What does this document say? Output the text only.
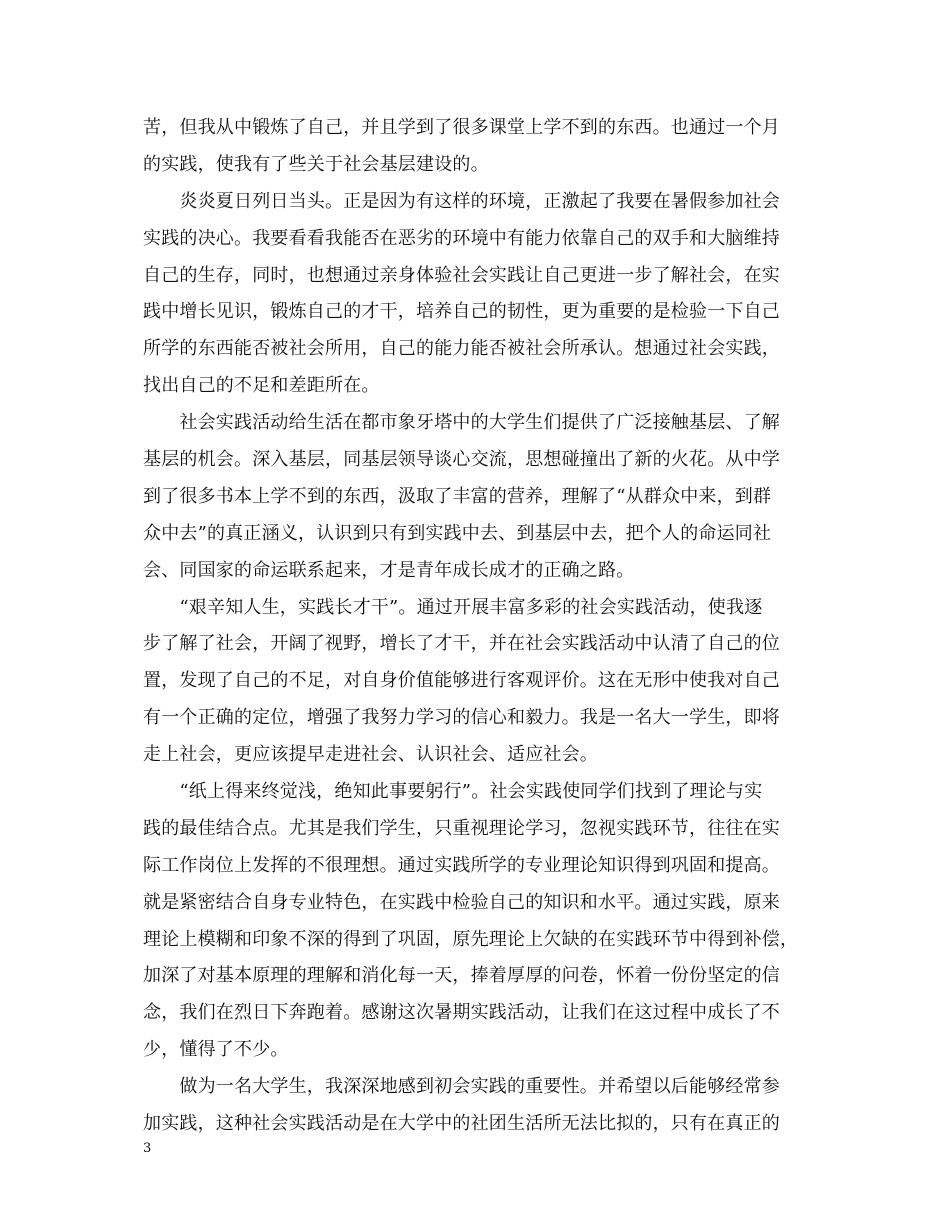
苦，但我从中锻炼了自己，并且学到了很多课堂上学不到的东西。也通过一个月
的实践，使我有了些关于社会基层建设的。
　　炎炎夏日列日当头。正是因为有这样的环境，正激起了我要在暑假参加社会
实践的决心。我要看看我能否在恶劣的环境中有能力依靠自己的双手和大脑维持
自己的生存，同时，也想通过亲身体验社会实践让自己更进一步了解社会，在实
践中增长见识，锻炼自己的才干，培养自己的韧性，更为重要的是检验一下自己
所学的东西能否被社会所用，自己的能力能否被社会所承认。想通过社会实践，
找出自己的不足和差距所在。
　　社会实践活动给生活在都市象牙塔中的大学生们提供了广泛接触基层、了解
基层的机会。深入基层，同基层领导谈心交流，思想碰撞出了新的火花。从中学
到了很多书本上学不到的东西，汲取了丰富的营养，理解了“从群众中来，到群
众中去”的真正涵义，认识到只有到实践中去、到基层中去，把个人的命运同社
会、同国家的命运联系起来，才是青年成长成才的正确之路。
　　“艰辛知人生，实践长才干”。通过开展丰富多彩的社会实践活动，使我逐
步了解了社会，开阔了视野，增长了才干，并在社会实践活动中认清了自己的位
置，发现了自己的不足，对自身价值能够进行客观评价。这在无形中使我对自己
有一个正确的定位，增强了我努力学习的信心和毅力。我是一名大一学生，即将
走上社会，更应该提早走进社会、认识社会、适应社会。
　　“纸上得来终觉浅，绝知此事要躬行”。社会实践使同学们找到了理论与实
践的最佳结合点。尤其是我们学生，只重视理论学习，忽视实践环节，往往在实
际工作岗位上发挥的不很理想。通过实践所学的专业理论知识得到巩固和提高。
就是紧密结合自身专业特色，在实践中检验自己的知识和水平。通过实践，原来
理论上模糊和印象不深的得到了巩固，原先理论上欠缺的在实践环节中得到补偿，
加深了对基本原理的理解和消化每一天，捧着厚厚的问卷，怀着一份份坚定的信
念，我们在烈日下奔跑着。感谢这次暑期实践活动，让我们在这过程中成长了不
少，懂得了不少。
　　做为一名大学生，我深深地感到初会实践的重要性。并希望以后能够经常参
加实践，这种社会实践活动是在大学中的社团生活所无法比拟的，只有在真正的
3
